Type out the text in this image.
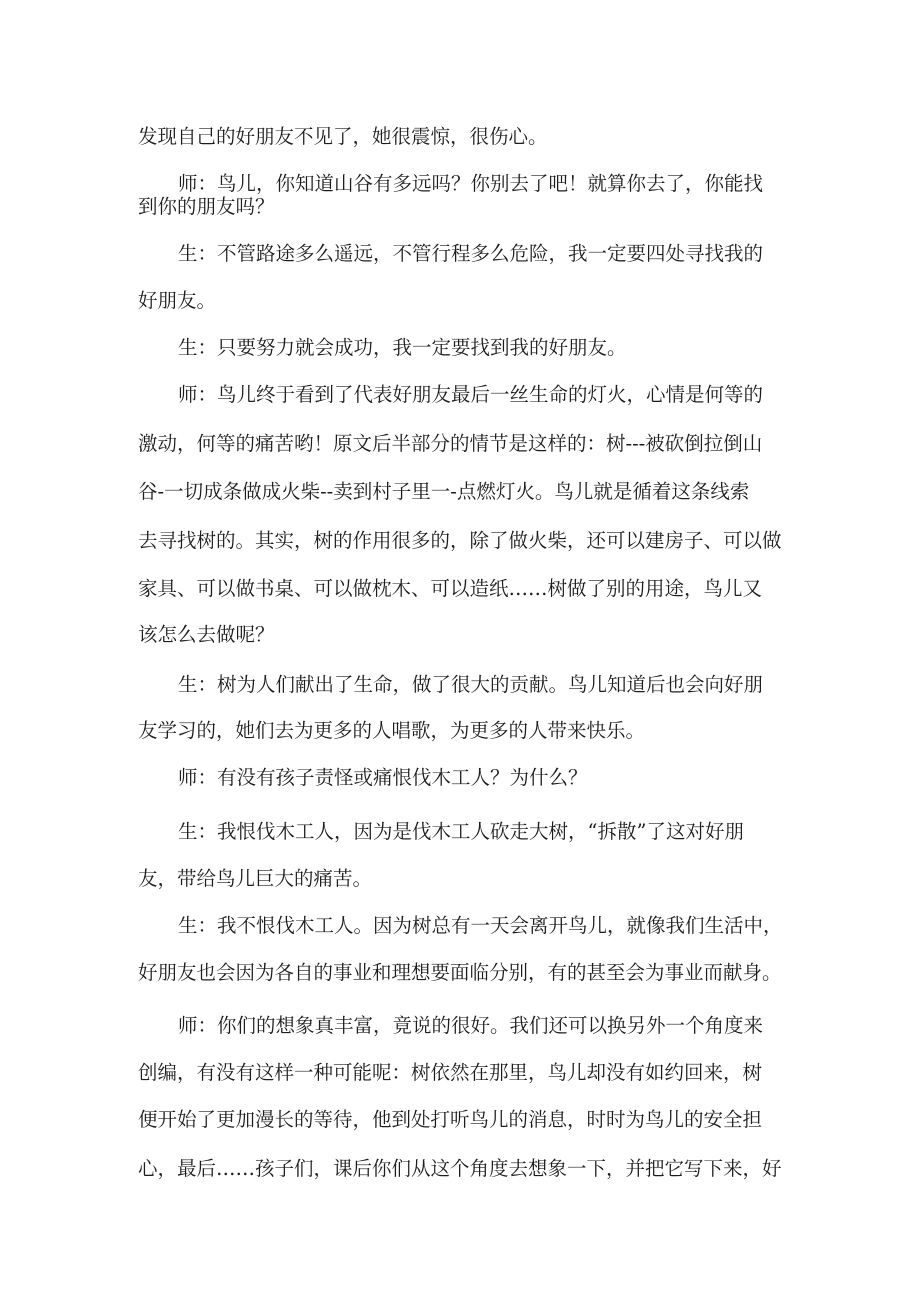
发现自己的好朋友不见了，她很震惊，很伤心。

师：鸟儿，你知道山谷有多远吗？你别去了吧！就算你去了，你能找

到你的朋友吗？

生：不管路途多么遥远，不管行程多么危险，我一定要四处寻找我的

好朋友。

生：只要努力就会成功，我一定要找到我的好朋友。

师：鸟儿终于看到了代表好朋友最后一丝生命的灯火，心情是何等的

激动，何等的痛苦哟！原文后半部分的情节是这样的：树---被砍倒拉倒山

谷-一切成条做成火柴--卖到村子里一-点燃灯火。鸟儿就是循着这条线索

去寻找树的。其实，树的作用很多的，除了做火柴，还可以建房子、可以做

家具、可以做书桌、可以做枕木、可以造纸……树做了别的用途，鸟儿又

该怎么去做呢？

生：树为人们献出了生命，做了很大的贡献。鸟儿知道后也会向好朋

友学习的，她们去为更多的人唱歌，为更多的人带来快乐。

师：有没有孩子责怪或痛恨伐木工人？为什么？

生：我恨伐木工人，因为是伐木工人砍走大树，“拆散”了这对好朋

友，带给鸟儿巨大的痛苦。

生：我不恨伐木工人。因为树总有一天会离开鸟儿，就像我们生活中，

好朋友也会因为各自的事业和理想要面临分别，有的甚至会为事业而献身。

师：你们的想象真丰富，竟说的很好。我们还可以换另外一个角度来

创编，有没有这样一种可能呢：树依然在那里，鸟儿却没有如约回来，树

便开始了更加漫长的等待，他到处打听鸟儿的消息，时时为鸟儿的安全担

心，最后……孩子们，课后你们从这个角度去想象一下，并把它写下来，好
